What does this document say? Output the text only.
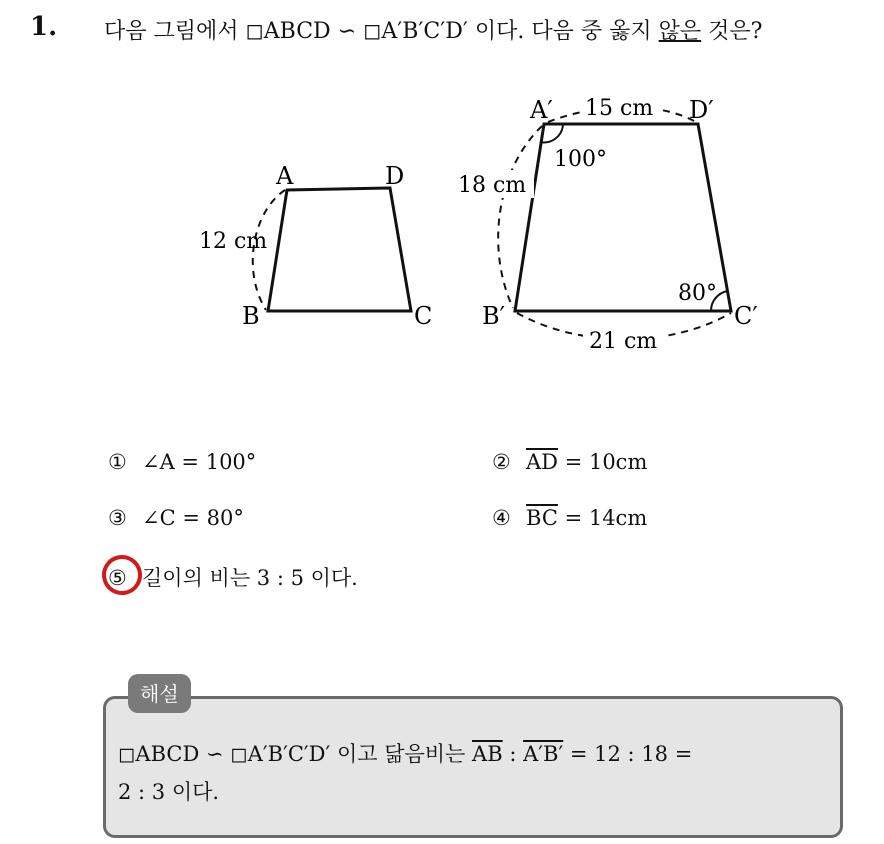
1. 다음 그림에서 ◻ABCD ∽ ◻A′B′C′D′ 이다. 다음 중 옳지 않은 것은?
A	D
B	C
12 cm
15 cm
18 cm
21 cm
A′	D′
B′	C′
100°
80°
① ∠A = 100°	② $\overline{AD} = 10cm$
③ ∠C = 80°	④ $\overline{BC} = 14cm$
⑤ 길이의 비는 3 : 5 이다.
해설
◻ABCD ∽ ◻A′B′C′D′ 이고 닮음비는 $\overline{AB}$ : A′B′ = 12 : 18 =
2 : 3 이다.
